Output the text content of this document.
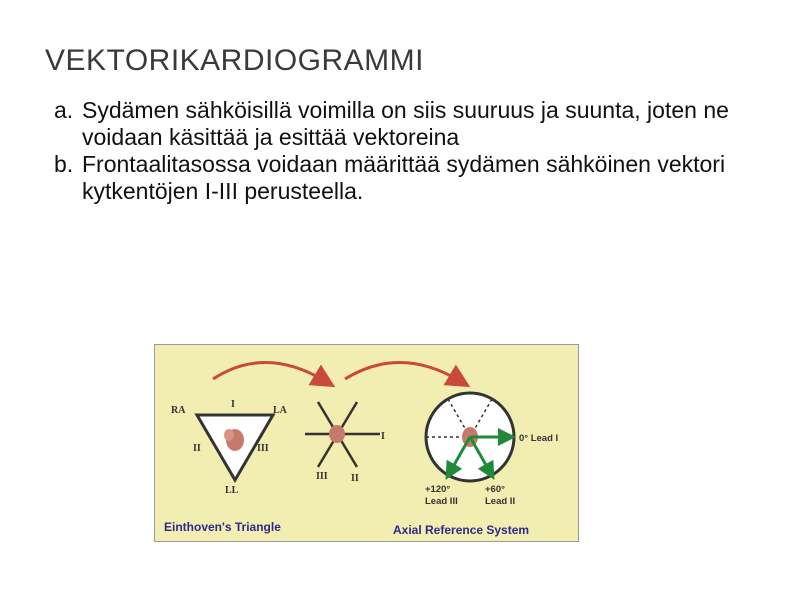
VEKTORIKARDIOGRAMMI
a. Sydämen sähköisillä voimilla on siis suuruus ja suunta, joten ne voidaan käsittää ja esittää vektoreina
b. Frontaalitasossa voidaan määrittää sydämen sähköinen vektori kytkentöjen I-III perusteella.
RA	LA
LL
I
II	III
I
III II
0° Lead I
+120°
Lead III
+60°
Lead II

Einthoven's Triangle	Axial Reference System
